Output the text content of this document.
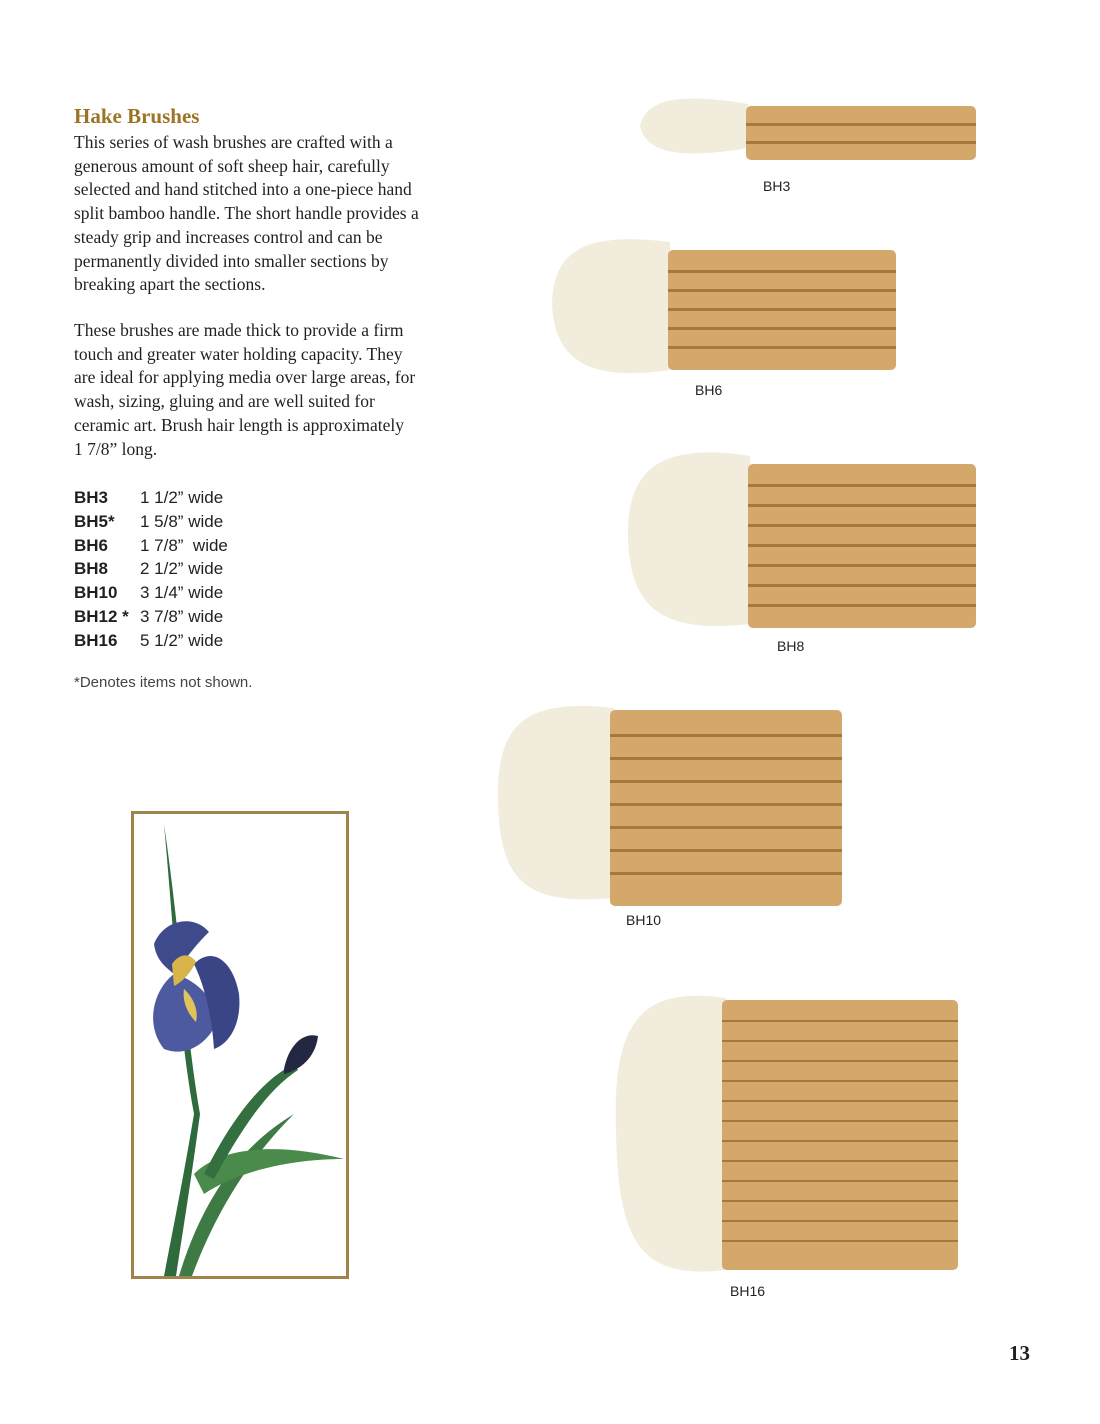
Hake Brushes

This series of wash brushes are crafted with a
generous amount of soft sheep hair, carefully
selected and hand stitched into a one-piece hand
split bamboo handle. The short handle provides a
steady grip and increases control and can be
permanently divided into smaller sections by
breaking apart the sections.

These brushes are made thick to provide a firm
touch and greater water holding capacity. They
are ideal for applying media over large areas, for
wash, sizing, gluing and are well suited for
ceramic art. Brush hair length is approximately
1 7/8” long.

BH3	1 1/2” wide
BH5*	1 5/8” wide
BH6	1 7/8”  wide
BH8	2 1/2” wide
BH10	3 1/4” wide
BH12 * 3 7/8” wide
BH16	5 1/2” wide
*Denotes items not shown.
BH3
BH6
BH8
BH10
BH16
13
